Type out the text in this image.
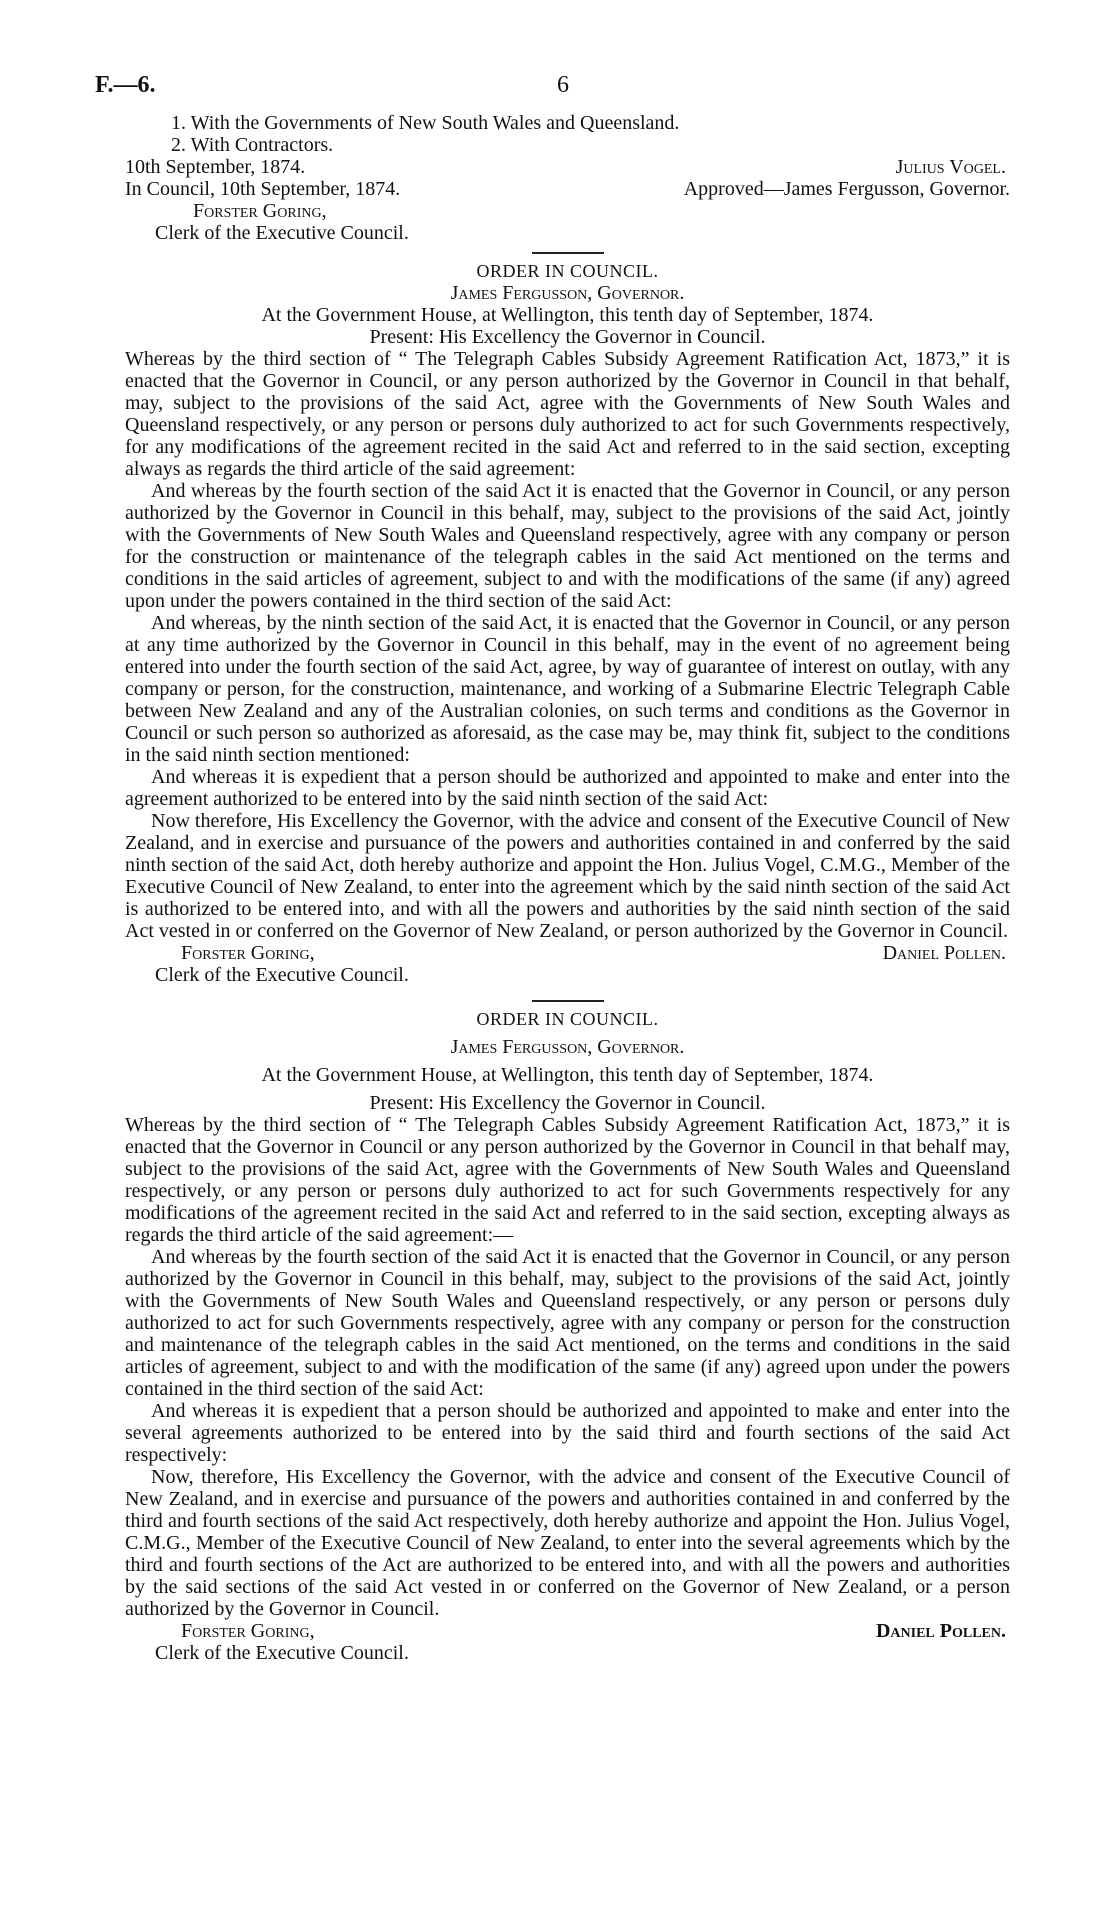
F.—6.	6

1. With the Governments of New South Wales and Queensland.

2. With Contractors.

10th September, 1874.	Julius Vogel.
In Council, 10th September, 1874.	Approved—James Fergusson, Governor.

Forster Goring,

Clerk of the Executive Council.

ORDER IN COUNCIL.

James Fergusson, Governor.

At the Government House, at Wellington, this tenth day of September, 1874.

Present: His Excellency the Governor in Council.

Whereas by the third section of “ The Telegraph Cables Subsidy Agreement Ratification Act, 1873,” it is enacted that the Governor in Council, or any person authorized by the Governor in Council in that behalf, may, subject to the provisions of the said Act, agree with the Governments of New South Wales and Queensland respectively, or any person or persons duly authorized to act for such Governments respectively, for any modifications of the agreement recited in the said Act and referred to in the said section, excepting always as regards the third article of the said agreement:

And whereas by the fourth section of the said Act it is enacted that the Governor in Council, or any person authorized by the Governor in Council in this behalf, may, subject to the provisions of the said Act, jointly with the Governments of New South Wales and Queensland respectively, agree with any company or person for the construction or maintenance of the telegraph cables in the said Act mentioned on the terms and conditions in the said articles of agreement, subject to and with the modifications of the same (if any) agreed upon under the powers contained in the third section of the said Act:

And whereas, by the ninth section of the said Act, it is enacted that the Governor in Council, or any person at any time authorized by the Governor in Council in this behalf, may in the event of no agreement being entered into under the fourth section of the said Act, agree, by way of guarantee of interest on outlay, with any company or person, for the construction, maintenance, and working of a Submarine Electric Telegraph Cable between New Zealand and any of the Australian colonies, on such terms and conditions as the Governor in Council or such person so authorized as aforesaid, as the case may be, may think fit, subject to the conditions in the said ninth section mentioned:

And whereas it is expedient that a person should be authorized and appointed to make and enter into the agreement authorized to be entered into by the said ninth section of the said Act:

Now therefore, His Excellency the Governor, with the advice and consent of the Executive Council of New Zealand, and in exercise and pursuance of the powers and authorities contained in and conferred by the said ninth section of the said Act, doth hereby authorize and appoint the Hon. Julius Vogel, C.M.G., Member of the Executive Council of New Zealand, to enter into the agreement which by the said ninth section of the said Act is authorized to be entered into, and with all the powers and authorities by the said ninth section of the said Act vested in or conferred on the Governor of New Zealand, or person authorized by the Governor in Council.

Forster Goring,	Daniel Pollen.

Clerk of the Executive Council.

ORDER IN COUNCIL.

James Fergusson, Governor.

At the Government House, at Wellington, this tenth day of September, 1874.

Present: His Excellency the Governor in Council.

Whereas by the third section of “ The Telegraph Cables Subsidy Agreement Ratification Act, 1873,” it is enacted that the Governor in Council or any person authorized by the Governor in Council in that behalf may, subject to the provisions of the said Act, agree with the Governments of New South Wales and Queensland respectively, or any person or persons duly authorized to act for such Governments respectively for any modifications of the agreement recited in the said Act and referred to in the said section, excepting always as regards the third article of the said agreement:—

And whereas by the fourth section of the said Act it is enacted that the Governor in Council, or any person authorized by the Governor in Council in this behalf, may, subject to the provisions of the said Act, jointly with the Governments of New South Wales and Queensland respectively, or any person or persons duly authorized to act for such Governments respectively, agree with any company or person for the construction and maintenance of the telegraph cables in the said Act mentioned, on the terms and conditions in the said articles of agreement, subject to and with the modification of the same (if any) agreed upon under the powers contained in the third section of the said Act:

And whereas it is expedient that a person should be authorized and appointed to make and enter into the several agreements authorized to be entered into by the said third and fourth sections of the said Act respectively:

Now, therefore, His Excellency the Governor, with the advice and consent of the Executive Council of New Zealand, and in exercise and pursuance of the powers and authorities contained in and conferred by the third and fourth sections of the said Act respectively, doth hereby authorize and appoint the Hon. Julius Vogel, C.M.G., Member of the Executive Council of New Zealand, to enter into the several agreements which by the third and fourth sections of the Act are authorized to be entered into, and with all the powers and authorities by the said sections of the said Act vested in or conferred on the Governor of New Zealand, or a person authorized by the Governor in Council.

Forster Goring,	Daniel Pollen.

Clerk of the Executive Council.
